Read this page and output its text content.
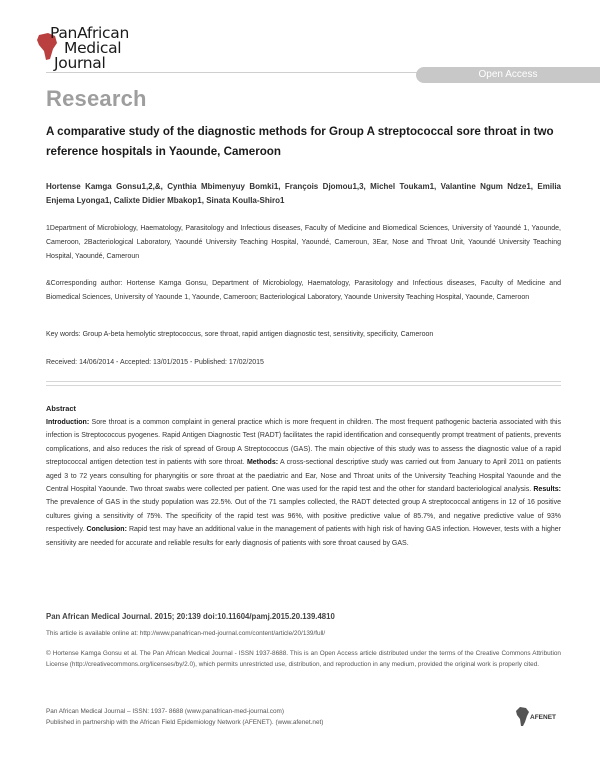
PanAfrican
Medical
Journal
Open Access
Research
A comparative study of the diagnostic methods for Group A streptococcal sore throat in two reference hospitals in Yaounde, Cameroon
Hortense Kamga Gonsu1,2,&, Cynthia Mbimenyuy Bomki1, François Djomou1,3, Michel Toukam1, Valantine Ngum Ndze1, Emilia Enjema Lyonga1, Calixte Didier Mbakop1, Sinata Koulla-Shiro1
1Department of Microbiology, Haematology, Parasitology and Infectious diseases, Faculty of Medicine and Biomedical Sciences, University of Yaoundé 1, Yaounde, Cameroon, 2Bacteriological Laboratory, Yaoundé University Teaching Hospital, Yaoundé, Cameroun, 3Ear, Nose and Throat Unit, Yaoundé University Teaching Hospital, Yaoundé, Cameroun
&Corresponding author: Hortense Kamga Gonsu, Department of Microbiology, Haematology, Parasitology and Infectious diseases, Faculty of Medicine and Biomedical Sciences, University of Yaounde 1, Yaounde, Cameroon; Bacteriological Laboratory, Yaounde University Teaching Hospital, Yaounde, Cameroon
Key words: Group A-beta hemolytic streptococcus, sore throat, rapid antigen diagnostic test, sensitivity, specificity, Cameroon
Received: 14/06/2014 - Accepted: 13/01/2015 - Published: 17/02/2015
Abstract
Introduction: Sore throat is a common complaint in general practice which is more frequent in children. The most frequent pathogenic bacteria associated with this infection is Streptococcus pyogenes. Rapid Antigen Diagnostic Test (RADT) facilitates the rapid identification and consequently prompt treatment of patients, prevents complications, and also reduces the risk of spread of Group A Streptococcus (GAS). The main objective of this study was to assess the diagnostic value of a rapid streptococcal antigen detection test in patients with sore throat. Methods: A cross-sectional descriptive study was carried out from January to April 2011 on patients aged 3 to 72 years consulting for pharyngitis or sore throat at the paediatric and Ear, Nose and Throat units of the University Teaching Hospital Yaounde and the Central Hospital Yaounde. Two throat swabs were collected per patient. One was used for the rapid test and the other for standard bacteriological analysis. Results: The prevalence of GAS in the study population was 22.5%. Out of the 71 samples collected, the RADT detected group A streptococcal antigens in 12 of 16 positive cultures giving a sensitivity of 75%. The specificity of the rapid test was 96%, with positive predictive value of 85.7%, and negative predictive value of 93% respectively. Conclusion: Rapid test may have an additional value in the management of patients with high risk of having GAS infection. However, tests with a higher sensitivity are needed for accurate and reliable results for early diagnosis of patients with sore throat caused by GAS.
Pan African Medical Journal. 2015; 20:139 doi:10.11604/pamj.2015.20.139.4810
This article is available online at: http://www.panafrican-med-journal.com/content/article/20/139/full/
© Hortense Kamga Gonsu et al. The Pan African Medical Journal - ISSN 1937-8688. This is an Open Access article distributed under the terms of the Creative Commons Attribution License (http://creativecommons.org/licenses/by/2.0), which permits unrestricted use, distribution, and reproduction in any medium, provided the original work is properly cited.
Pan African Medical Journal – ISSN: 1937- 8688 (www.panafrican-med-journal.com)
Published in partnership with the African Field Epidemiology Network (AFENET). (www.afenet.net)
AFENET
